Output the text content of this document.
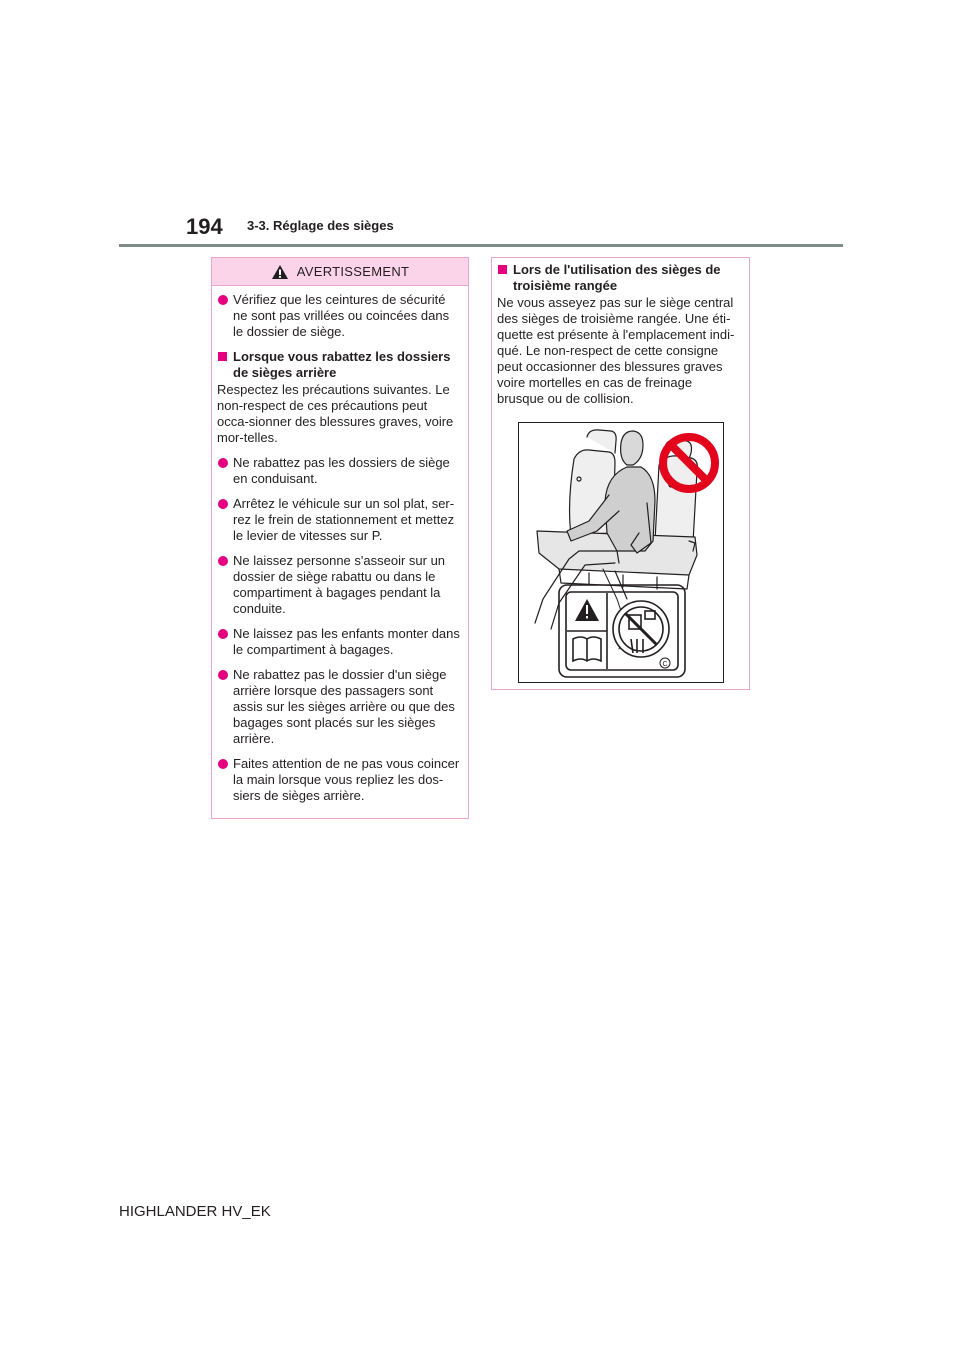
194 3-3. Réglage des sièges
AVERTISSEMENT
Vérifiez que les ceintures de sécurité ne sont pas vrillées ou coincées dans le dossier de siège.
Lorsque vous rabattez les dossiers de sièges arrière

Respectez les précautions suivantes. Le non-respect de ces précautions peut occa-sionner des blessures graves, voire mor-telles.

Ne rabattez pas les dossiers de siège en conduisant.
Arrêtez le véhicule sur un sol plat, ser-rez le frein de stationnement et mettez le levier de vitesses sur P.
Ne laissez personne s'asseoir sur un dossier de siège rabattu ou dans le compartiment à bagages pendant la conduite.
Ne laissez pas les enfants monter dans le compartiment à bagages.
Ne rabattez pas le dossier d'un siège arrière lorsque des passagers sont assis sur les sièges arrière ou que des bagages sont placés sur les sièges arrière.
Faites attention de ne pas vous coincer la main lorsque vous repliez les dos-siers de sièges arrière.
Lors de l'utilisation des sièges de troisième rangée

Ne vous asseyez pas sur le siège central des sièges de troisième rangée. Une éti-quette est présente à l'emplacement indi-qué. Le non-respect de cette consigne peut occasionner des blessures graves voire mortelles en cas de freinage brusque ou de collision.

C
HIGHLANDER HV_EK
